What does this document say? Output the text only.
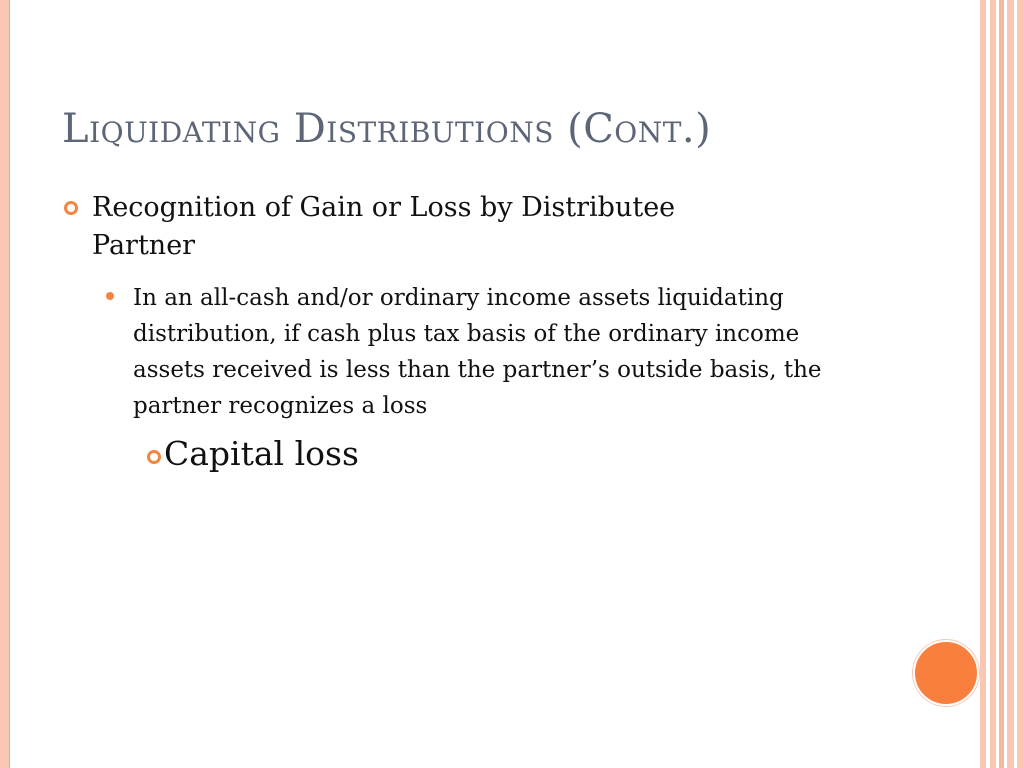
Liquidating Distributions (Cont.)
Recognition of Gain or Loss by Distributee Partner
In an all-cash and/or ordinary income assets liquidating distribution, if cash plus tax basis of the ordinary income assets received is less than the partner’s outside basis, the partner recognizes a loss
Capital loss
